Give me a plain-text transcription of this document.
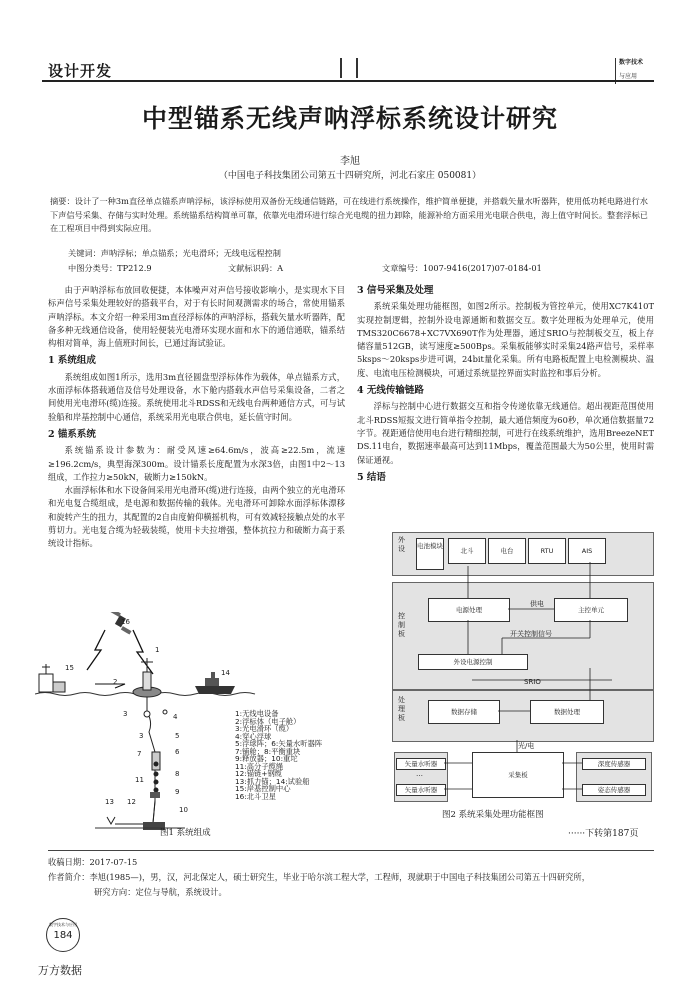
设计开发	数字技术
与应用
中型锚系无线声呐浮标系统设计研究
李旭
（中国电子科技集团公司第五十四研究所，河北石家庄 050081）
摘要：设计了一种3m直径单点锚系声呐浮标，该浮标使用双备份无线通信链路，可在线进行系统操作，维护简单便捷，并搭载矢量水听器阵，使用低功耗电路进行水下声信号采集、存储与实时处理。系统锚系结构简单可靠，依靠光电滑环进行综合光电缆的扭力卸除，能源补给方面采用光电联合供电，海上值守时间长。整套浮标已在工程项目中得到实际应用。
关键词：声呐浮标；单点锚系；光电滑环；无线电远程控制
中图分类号：TP212.9	文献标识码：A	文章编号：1007-9416(2017)07-0184-01

由于声呐浮标布放回收便捷，本体噪声对声信号接收影响小，是实现水下目标声信号采集处理较好的搭载平台，对于有长时间观测需求的场合，常使用锚系声呐浮标。本文介绍一种采用3m直径浮标体的声呐浮标，搭载矢量水听器阵，配备多种无线通信设备，使用轻便装光电滑环实现水面和水下的通信通联，锚系结构相对简单，海上值班时间长，已通过海试验证。

1 系统组成

系统组成如图1所示，选用3m直径圆盘型浮标体作为载体，单点锚系方式，水面浮标体搭载通信及信号处理设备，水下舱内搭载水声信号采集设备，二者之间使用光电滑环(缆)连接。系统使用北斗RDSS和无线电台两种通信方式，可与试验船和岸基控制中心通信，系统采用光电联合供电，延长值守时间。

2 锚系系统

系统锚系设计参数为：耐受风速≥64.6m/s，波高≥22.5m，流速≥196.2cm/s，典型海深300m。设计锚系长度配置为水深3倍，由图1中2～13组成，工作拉力≥50kN，破断力≥150kN。

水面浮标体和水下设备间采用光电滑环(缆)进行连接，由两个独立的光电滑环和光电复合缆组成，是电源和数据传输的载体。光电滑环可卸除水面浮标体漂移和旋转产生的扭力，其配置的2自由度俯仰横摇机构，可有效减轻接触点处的水平剪切力。光电复合缆为轻载装缆，使用卡夫拉增强，整体抗拉力和破断力高于系统设计指标。

16
1
15
2
14
3	4
5
6
7
3
8
11
9
13 12
10
1:无线电设备
2:浮标体（电子舱）
3:光电滑环（缆）
4:穿心浮球
5:浮球阵；6:矢量水听器阵
7:铺舱；8:平衡重块
9:释放器；10:重坨
11:高分子缆绳
12:锚链+钢缆
13:抓力锚；14:试验船
15:岸基控制中心
16:北斗卫星
图1 系统组成
3 信号采集及处理

系统采集处理功能框图，如图2所示。控制板为管控单元，使用XC7K410T实现控制逻辑，控制外设电源通断和数据交互。数字处理板为处理单元，使用TMS320C6678+XC7VX690T作为处理器，通过SRIO与控制板交互，板上存储容量512GB，读写速度≥500Bps。采集板能够实时采集24路声信号，采样率5ksps～20ksps步进可调，24bit量化采集。所有电路板配置上电检测模块、温度、电流电压检测模块，可通过系统显控界面实时监控和事后分析。

4 无线传输链路

浮标与控制中心进行数据交互和指令传递依靠无线通信。超出视距范围使用北斗RDSS短报文进行简单指令控制，最大通信频度为60秒，单次通信数据量72字节。视距通信使用电台进行精细控制，可进行在线系统维护，选用BreezeNET DS.11电台，数据速率最高可达到11Mbps，覆盖范围最大为50公里，使用时需保证通视。

5 结语
外设
控制板
处理板
电池模块
北斗	电台	RTU	AIS
电源处理
供电
主控单元
开关控制信号
外设电源控制
SRIO
数据存储	数据处理
光/电
矢量水听器
…
矢量水听器
采集板
深度传感器
姿态传感器
图2 系统采集处理功能框图
······下转第187页
收稿日期：2017-07-15
作者简介：李旭(1985—)，男，汉，河北保定人，硕士研究生，毕业于哈尔滨工程大学，工程师，现就职于中国电子科技集团公司第五十四研究所，
研究方向：定位与导航，系统设计。
数字技术与应用
184
万方数据
